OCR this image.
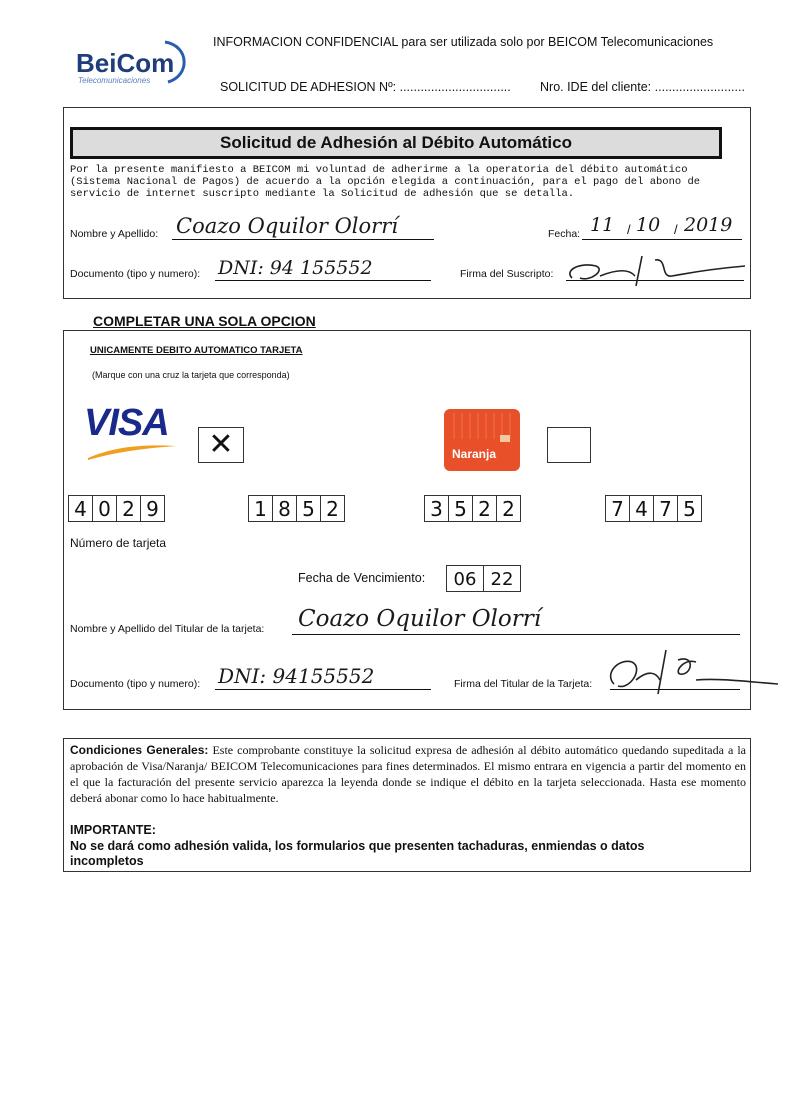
BeiCom
Telecomunicaciones
INFORMACION CONFIDENCIAL para ser utilizada solo por BEICOM Telecomunicaciones
SOLICITUD DE ADHESION Nº: ................................ Nro. IDE del cliente: ..........................
Solicitud de Adhesión al Débito Automático
Por la presente manifiesto a BEICOM mi voluntad de adherirme a la operatoria del débito automático (Sistema Nacional de Pagos) de acuerdo a la opción elegida a continuación, para el pago del abono de servicio de internet suscripto mediante la Solicitud de adhesión que se detalla.
Nombre y Apellido: Coazo Oquilor Olorrí	Fecha: 11 / 10 / 2019
Documento (tipo y numero): DNI: 94 155552	Firma del Suscripto:
COMPLETAR UNA SOLA OPCION
UNICAMENTE DEBITO AUTOMATICO TARJETA
(Marque con una cruz la tarjeta que corresponda)
VISA
✕	Naranja
4 0 2 9	1 8 5 2	3 5 2 2	7 4 7 5
Número de tarjeta
Fecha de Vencimiento:	06 22
Nombre y Apellido del Titular de la tarjeta: Coazo Oquilor Olorrí
Documento (tipo y numero): DNI: 94155552	Firma del Titular de la Tarjeta:
Condiciones Generales: Este comprobante constituye la solicitud expresa de adhesión al débito automático quedando supeditada a la aprobación de Visa/Naranja/ BEICOM Telecomunicaciones para fines determinados. El mismo entrara en vigencia a partir del momento en el que la facturación del presente servicio aparezca la leyenda donde se indique el débito en la tarjeta seleccionada. Hasta ese momento deberá abonar como lo hace habitualmente.
IMPORTANTE:
No se dará como adhesión valida, los formularios que presenten tachaduras, enmiendas o datos incompletos
